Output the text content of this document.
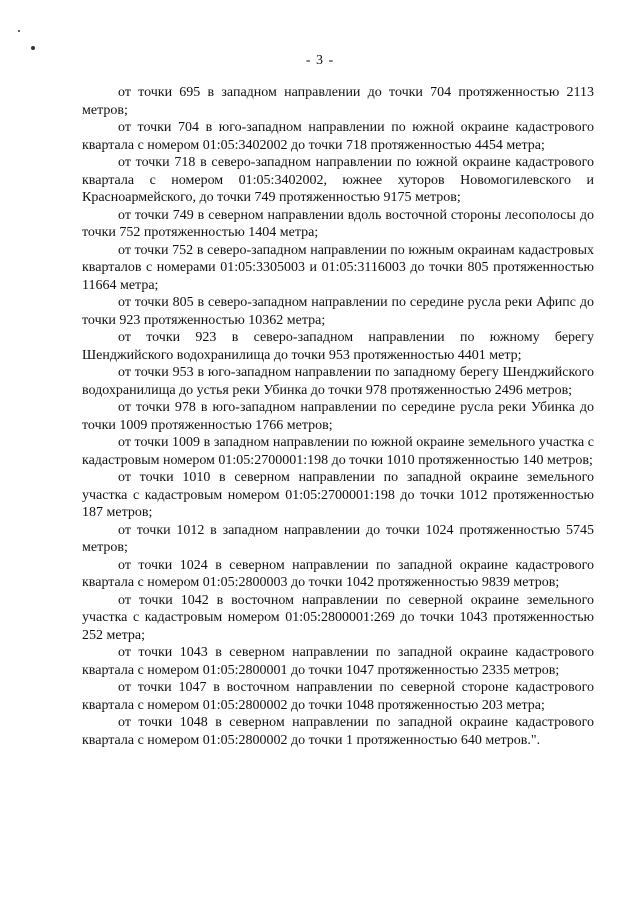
- 3 -

от точки 695 в западном направлении до точки 704 протяженностью 2113 метров;

от точки 704 в юго-западном направлении по южной окраине кадастрового квартала с номером 01:05:3402002 до точки 718 протяженностью 4454 метра;

от точки 718 в северо-западном направлении по южной окраине кадастрового квартала с номером 01:05:3402002, южнее хуторов Новомогилевского и Красноармейского, до точки 749 протяженностью 9175 метров;

от точки 749 в северном направлении вдоль восточной стороны лесополосы до точки 752 протяженностью 1404 метра;

от точки 752 в северо-западном направлении по южным окраинам кадастровых кварталов с номерами 01:05:3305003 и 01:05:3116003 до точки 805 протяженностью 11664 метра;

от точки 805 в северо-западном направлении по середине русла реки Афипс до точки 923 протяженностью 10362 метра;

от точки 923 в северо-западном направлении по южному берегу Шенджийского водохранилища до точки 953 протяженностью 4401 метр;

от точки 953 в юго-западном направлении по западному берегу Шенджийского водохранилища до устья реки Убинка до точки 978 протяженностью 2496 метров;

от точки 978 в юго-западном направлении по середине русла реки Убинка до точки 1009 протяженностью 1766 метров;

от точки 1009 в западном направлении по южной окраине земельного участка с кадастровым номером 01:05:2700001:198 до точки 1010 протяженностью 140 метров;

от точки 1010 в северном направлении по западной окраине земельного участка с кадастровым номером 01:05:2700001:198 до точки 1012 протяженностью 187 метров;

от точки 1012 в западном направлении до точки 1024 протяженностью 5745 метров;

от точки 1024 в северном направлении по западной окраине кадастрового квартала с номером 01:05:2800003 до точки 1042 протяженностью 9839 метров;

от точки 1042 в восточном направлении по северной окраине земельного участка с кадастровым номером 01:05:2800001:269 до точки 1043 протяженностью 252 метра;

от точки 1043 в северном направлении по западной окраине кадастрового квартала с номером 01:05:2800001 до точки 1047 протяженностью 2335 метров;

от точки 1047 в восточном направлении по северной стороне кадастрового квартала с номером 01:05:2800002 до точки 1048 протяженностью 203 метра;

от точки 1048 в северном направлении по западной окраине кадастрового квартала с номером 01:05:2800002 до точки 1 протяженностью 640 метров.".
